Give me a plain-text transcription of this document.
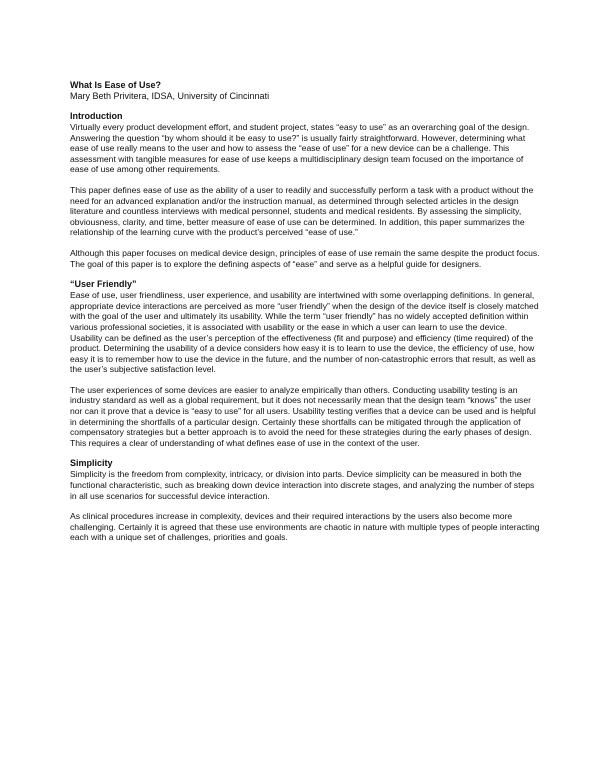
What Is Ease of Use?

Mary Beth Privitera, IDSA, University of Cincinnati

Introduction

Virtually every product development effort, and student project, states “easy to use” as an overarching goal of the design. Answering the question “by whom should it be easy to use?” is usually fairly straightforward. However, determining what ease of use really means to the user and how to assess the “ease of use” for a new device can be a challenge. This assessment with tangible measures for ease of use keeps a multidisciplinary design team focused on the importance of ease of use among other requirements.

This paper defines ease of use as the ability of a user to readily and successfully perform a task with a product without the need for an advanced explanation and/or the instruction manual, as determined through selected articles in the design literature and countless interviews with medical personnel, students and medical residents. By assessing the simplicity, obviousness, clarity, and time, better measure of ease of use can be determined. In addition, this paper summarizes the relationship of the learning curve with the product’s perceived “ease of use.”

Although this paper focuses on medical device design, principles of ease of use remain the same despite the product focus. The goal of this paper is to explore the defining aspects of “ease” and serve as a helpful guide for designers.

“User Friendly”

Ease of use, user friendliness, user experience, and usability are intertwined with some overlapping definitions. In general, appropriate device interactions are perceived as more “user friendly” when the design of the device itself is closely matched with the goal of the user and ultimately its usability. While the term “user friendly” has no widely accepted definition within various professional societies, it is associated with usability or the ease in which a user can learn to use the device. Usability can be defined as the user’s perception of the effectiveness (fit and purpose) and efficiency (time required) of the product. Determining the usability of a device considers how easy it is to learn to use the device, the efficiency of use, how easy it is to remember how to use the device in the future, and the number of non-catastrophic errors that result, as well as the user’s subjective satisfaction level.

The user experiences of some devices are easier to analyze empirically than others. Conducting usability testing is an industry standard as well as a global requirement, but it does not necessarily mean that the design team “knows” the user nor can it prove that a device is “easy to use” for all users. Usability testing verifies that a device can be used and is helpful in determining the shortfalls of a particular design. Certainly these shortfalls can be mitigated through the application of compensatory strategies but a better approach is to avoid the need for these strategies during the early phases of design. This requires a clear of understanding of what defines ease of use in the context of the user.

Simplicity

Simplicity is the freedom from complexity, intricacy, or division into parts. Device simplicity can be measured in both the functional characteristic, such as breaking down device interaction into discrete stages, and analyzing the number of steps in all use scenarios for successful device interaction.

As clinical procedures increase in complexity, devices and their required interactions by the users also become more challenging. Certainly it is agreed that these use environments are chaotic in nature with multiple types of people interacting each with a unique set of challenges, priorities and goals.
